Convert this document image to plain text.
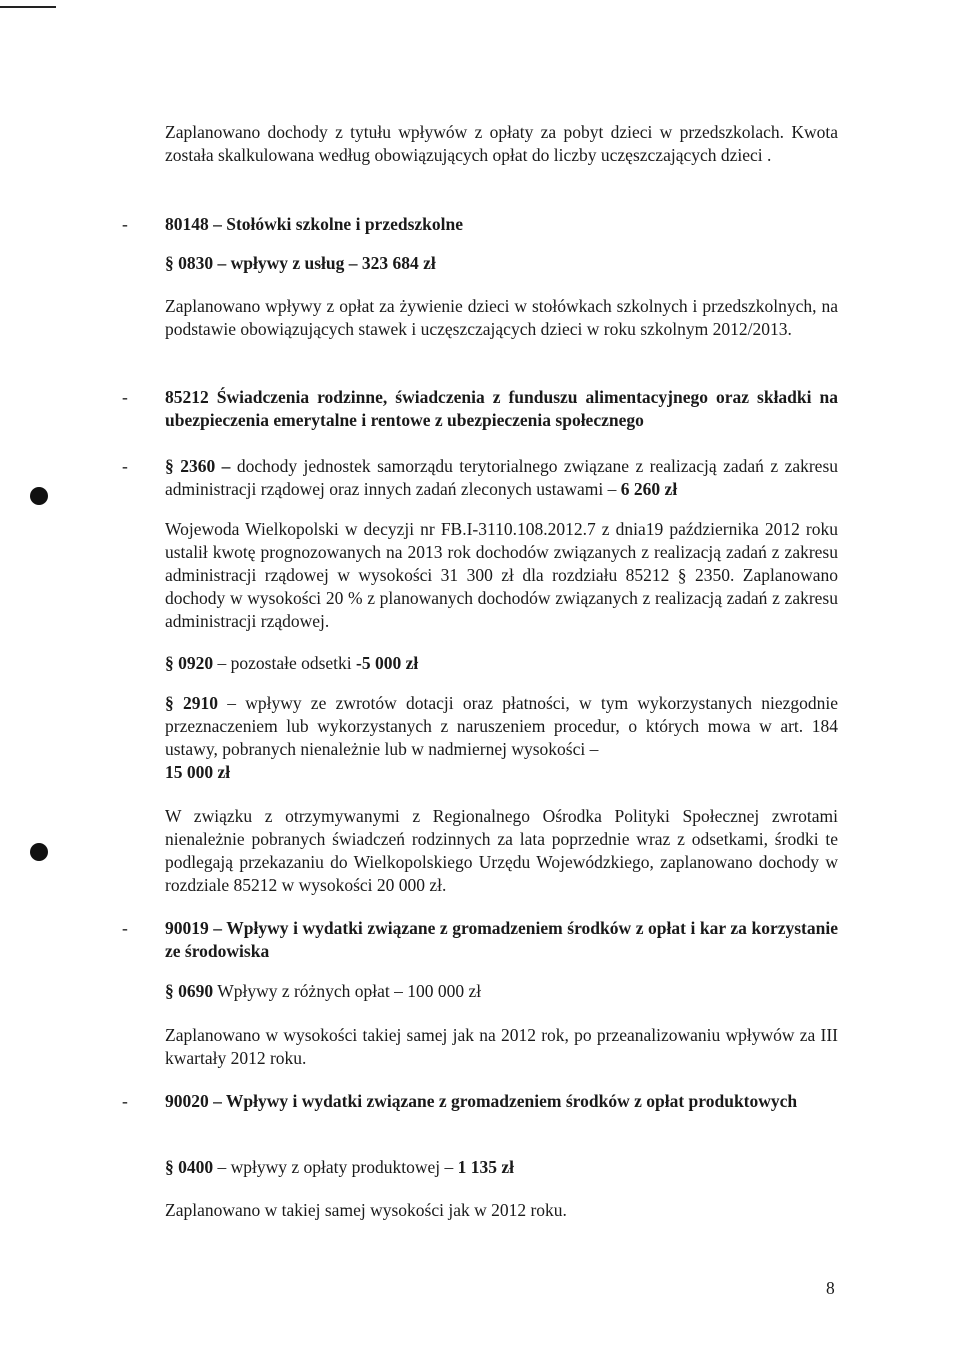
Zaplanowano dochody z tytułu wpływów z opłaty za pobyt dzieci w przedszkolach. Kwota została skalkulowana według obowiązujących opłat do liczby uczęszczających dzieci .
- 80148 – Stołówki szkolne i przedszkolne
§ 0830 – wpływy z usług – 323 684 zł
Zaplanowano wpływy z opłat za żywienie dzieci w stołówkach szkolnych i przedszkolnych, na podstawie obowiązujących stawek i uczęszczających dzieci w roku szkolnym 2012/2013.
- 85212 Świadczenia rodzinne, świadczenia z funduszu alimentacyjnego oraz składki na ubezpieczenia emerytalne i rentowe z ubezpieczenia społecznego
- § 2360 – dochody jednostek samorządu terytorialnego związane z realizacją zadań z zakresu administracji rządowej oraz innych zadań zleconych ustawami – 6 260 zł
Wojewoda Wielkopolski w decyzji nr FB.I-3110.108.2012.7 z dnia19 października 2012 roku ustalił kwotę prognozowanych na 2013 rok dochodów związanych z realizacją zadań z zakresu administracji rządowej w wysokości 31 300 zł dla rozdziału 85212 § 2350. Zaplanowano dochody w wysokości 20 % z planowanych dochodów związanych z realizacją zadań z zakresu administracji rządowej.
§ 0920 – pozostałe odsetki -5 000 zł
§ 2910 – wpływy ze zwrotów dotacji oraz płatności, w tym wykorzystanych niezgodnie przeznaczeniem lub wykorzystanych z naruszeniem procedur, o których mowa w art. 184 ustawy, pobranych nienależnie lub w nadmiernej wysokości –
15 000 zł
W związku z otrzymywanymi z Regionalnego Ośrodka Polityki Społecznej zwrotami nienależnie pobranych świadczeń rodzinnych za lata poprzednie wraz z odsetkami, środki te podlegają przekazaniu do Wielkopolskiego Urzędu Wojewódzkiego, zaplanowano dochody w rozdziale 85212 w wysokości 20 000 zł.
- 90019 – Wpływy i wydatki związane z gromadzeniem środków z opłat i kar za korzystanie ze środowiska
§ 0690 Wpływy z różnych opłat – 100 000 zł
Zaplanowano w wysokości takiej samej jak na 2012 rok, po przeanalizowaniu wpływów za III kwartały 2012 roku.
- 90020 – Wpływy i wydatki związane z gromadzeniem środków z opłat produktowych
§ 0400 – wpływy z opłaty produktowej – 1 135 zł
Zaplanowano w takiej samej wysokości jak w 2012 roku.
8
